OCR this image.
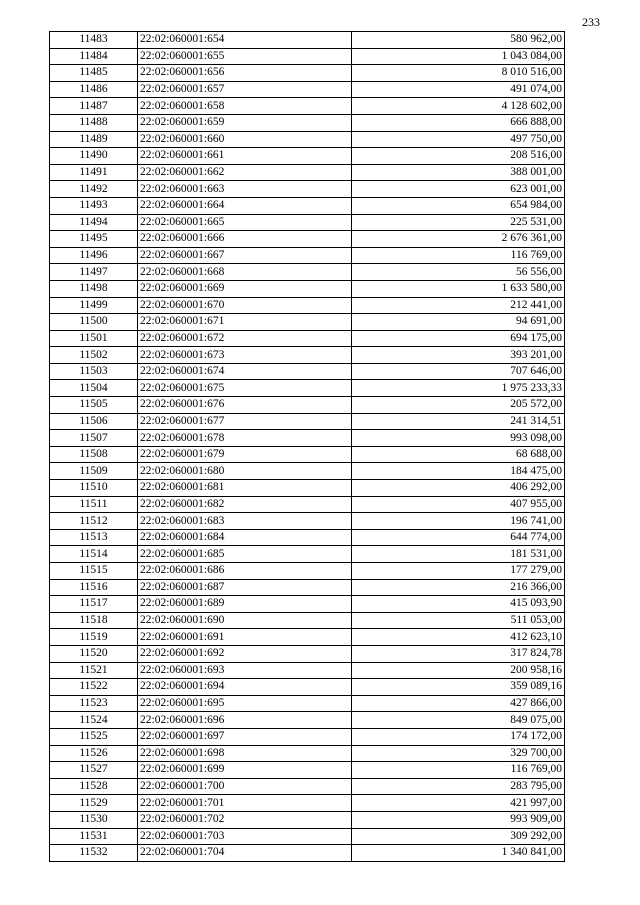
233
11483	22:02:060001:654	580 962,00
11484	22:02:060001:655	1 043 084,00
11485	22:02:060001:656	8 010 516,00
11486	22:02:060001:657	491 074,00
11487	22:02:060001:658	4 128 602,00
11488	22:02:060001:659	666 888,00
11489	22:02:060001:660	497 750,00
11490	22:02:060001:661	208 516,00
11491	22:02:060001:662	388 001,00
11492	22:02:060001:663	623 001,00
11493	22:02:060001:664	654 984,00
11494	22:02:060001:665	225 531,00
11495	22:02:060001:666	2 676 361,00
11496	22:02:060001:667	116 769,00
11497	22:02:060001:668	56 556,00
11498	22:02:060001:669	1 633 580,00
11499	22:02:060001:670	212 441,00
11500	22:02:060001:671	94 691,00
11501	22:02:060001:672	694 175,00
11502	22:02:060001:673	393 201,00
11503	22:02:060001:674	707 646,00
11504	22:02:060001:675	1 975 233,33
11505	22:02:060001:676	205 572,00
11506	22:02:060001:677	241 314,51
11507	22:02:060001:678	993 098,00
11508	22:02:060001:679	68 688,00
11509	22:02:060001:680	184 475,00
11510	22:02:060001:681	406 292,00
11511	22:02:060001:682	407 955,00
11512	22:02:060001:683	196 741,00
11513	22:02:060001:684	644 774,00
11514	22:02:060001:685	181 531,00
11515	22:02:060001:686	177 279,00
11516	22:02:060001:687	216 366,00
11517	22:02:060001:689	415 093,90
11518	22:02:060001:690	511 053,00
11519	22:02:060001:691	412 623,10
11520	22:02:060001:692	317 824,78
11521	22:02:060001:693	200 958,16
11522	22:02:060001:694	359 089,16
11523	22:02:060001:695	427 866,00
11524	22:02:060001:696	849 075,00
11525	22:02:060001:697	174 172,00
11526	22:02:060001:698	329 700,00
11527	22:02:060001:699	116 769,00
11528	22:02:060001:700	283 795,00
11529	22:02:060001:701	421 997,00
11530	22:02:060001:702	993 909,00
11531	22:02:060001:703	309 292,00
11532	22:02:060001:704	1 340 841,00
